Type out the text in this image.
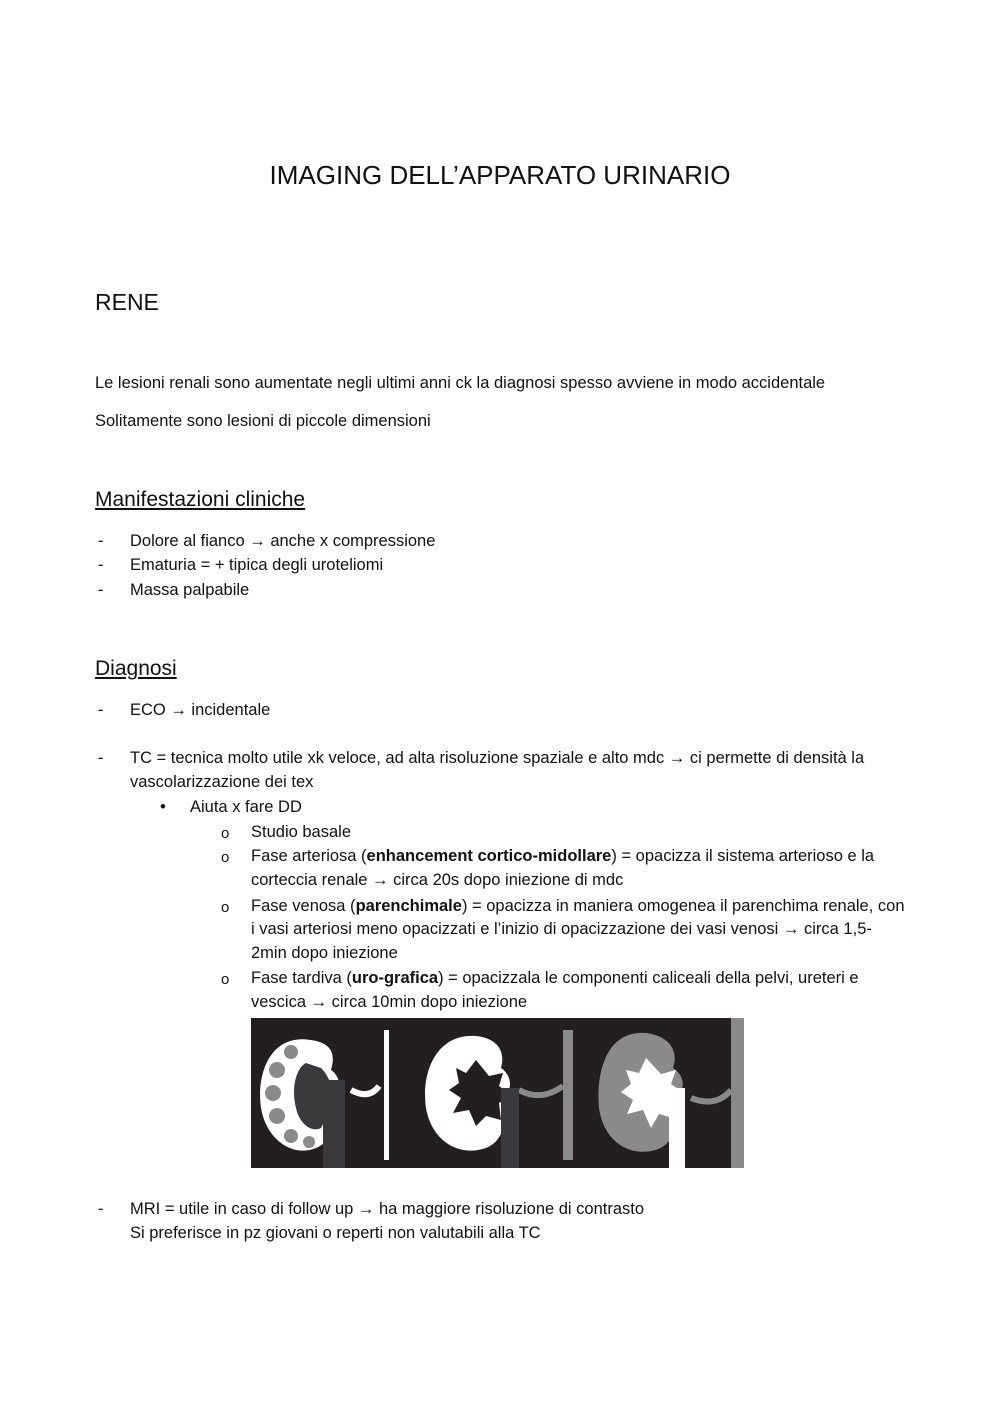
IMAGING DELL’APPARATO URINARIO
RENE
Le lesioni renali sono aumentate negli ultimi anni ck la diagnosi spesso avviene in modo accidentale
Solitamente sono lesioni di piccole dimensioni
Manifestazioni cliniche
- Dolore al fianco → anche x compressione
- Ematuria = + tipica degli uroteliomi
- Massa palpabile
Diagnosi
- ECO → incidentale
- TC = tecnica molto utile xk veloce, ad alta risoluzione spaziale e alto mdc → ci permette di densità la
vascolarizzazione dei tex
• Aiuta x fare DD
o Studio basale
o Fase arteriosa (enhancement cortico-midollare) = opacizza il sistema arterioso e la
corteccia renale → circa 20s dopo iniezione di mdc
o Fase venosa (parenchimale) = opacizza in maniera omogenea il parenchima renale, con
i vasi arteriosi meno opacizzati e l’inizio di opacizzazione dei vasi venosi → circa 1,5-
2min dopo iniezione
o Fase tardiva (uro-grafica) = opacizzala le componenti caliceali della pelvi, ureteri e
vescica → circa 10min dopo iniezione
- MRI = utile in caso di follow up → ha maggiore risoluzione di contrasto
Si preferisce in pz giovani o reperti non valutabili alla TC
